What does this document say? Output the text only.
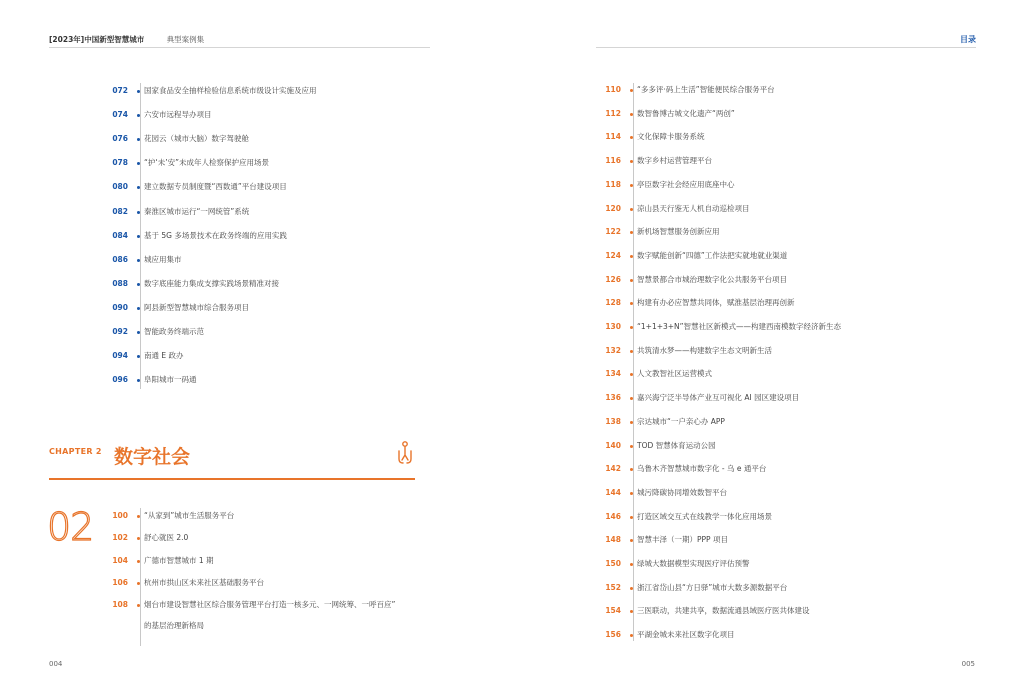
[2023年]中国新型智慧城市	典型案例集	目录
072 国家食品安全抽样检验信息系统市级设计实施及应用
074 六安市远程导办项目
076 花园云（城市大脑）数字驾驶舱
078 “护‘未’安”未成年人检察保护应用场景
080 建立数据专员制度暨“西数通”平台建设项目
082 秦淮区城市运行“一网统管”系统
084 基于 5G 多场景技术在政务终端的应用实践
086 城应用集市
088 数字底座能力集成支撑实践场景精准对接
090 阿县新型智慧城市综合服务项目
092 智能政务终端示范
094 南通 E 政办
096 阜阳城市一码通
CHAPTER 2 数字社会
02	100 “从家到”城市生活服务平台
102 舒心就医 2.0
104 广德市智慧城市 1 期
106 杭州市拱山区未来社区基础服务平台
108 烟台市建设智慧社区综合服务管理平台打造一核多元、一网统筹、一呼百应”
的基层治理新格局
110 “多多评·码上生活”智能便民综合服务平台
112 数智鲁博古城文化遗产“两创”
114 文化保障卡服务系统
116 数字乡村运营管理平台
118 亭臣数字社会经应用底座中心
120 凉山县天行鉴无人机自动巡检项目
122 新机场智慧服务创新应用
124 数字赋能创新“四德”工作法把实就地就业渠道
126 智慧景都合市城治理数字化公共服务平台项目
128 构建有办必应智慧共同体，赋淮基层治理再创新
130 “1+1+3+N”智慧社区新模式——构建西南模数字经济新生态
132 共筑清水梦——构建数字生态文明新生活
134 人文教智社区运营模式
136 嘉兴海宁泛半导体产业互可视化 AI 园区建设项目
138 宗达城市“一户亲心办 APP
140 TOD 智慧体育运动公园
142 乌鲁木齐智慧城市数字化 - 乌 e 通平台
144 城污降碳协同增效数智平台
146 打造区域交互式在线教学一体化应用场景
148 智慧丰泽（一期）PPP 项目
150 绿城大数据模型实现医疗评估预警
152 浙江省岱山县“方日驿”城市大数多源数据平台
154 三医联动，共建共享，数据流通县域医疗医共体建设
156 平湖金城未来社区数字化项目
004	005
